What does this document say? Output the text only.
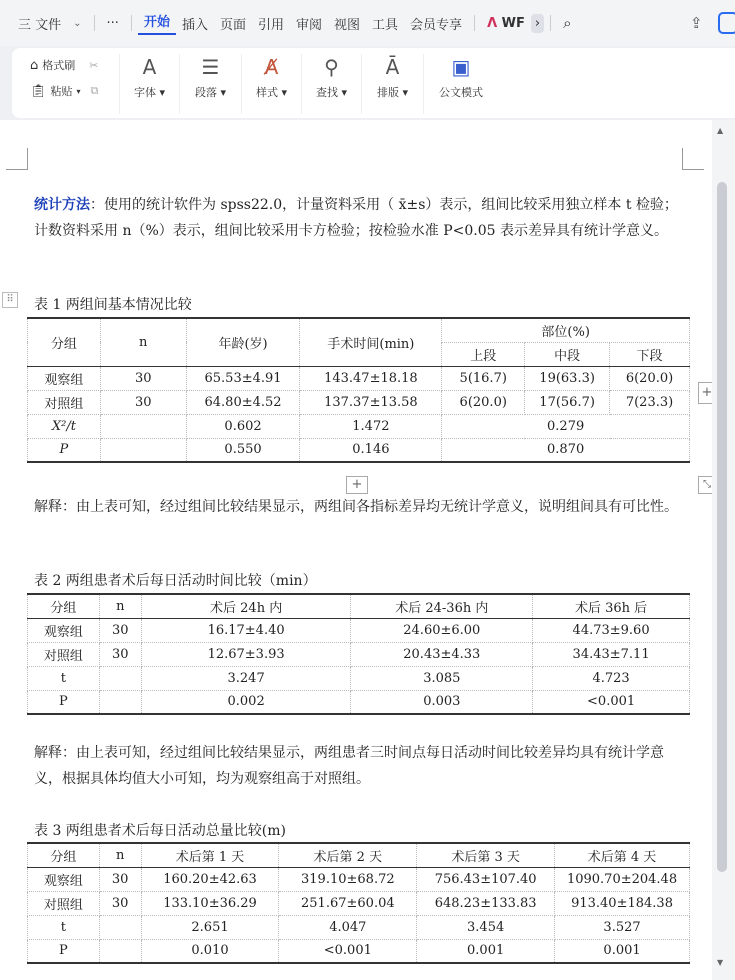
三 文件	⌄	···	开始 插入 页面 引用 审阅 视图 工具 会员专享	Ʌ WF ›	⌕	⇪
⌂ 格式刷 ✂
📋︎ 粘贴 ▾ ⧉
A
字体 ▾
☰
段落 ▾
A̸
样式 ▾
⚲
查找 ▾
Ā
排版 ▾
▣
公文模式
统计方法：使用的统计软件为 spss22.0，计量资料采用（ x̄±s）表示，组间比较采用独立样本 t 检验；计数资料采用 n（%）表示，组间比较采用卡方检验；按检验水准 P<0.05 表示差异具有统计学意义。
⠿	表 1 两组间基本情况比较
分组	n	年龄(岁)	手术时间(min)	部位(%)		
				上段	中段	下段
观察组	30	65.53±4.91	143.47±18.18	5(16.7)	19(63.3)	6(20.0)
对照组	30	64.80±4.52	137.37±13.58	6(20.0)	17(56.7)	7(23.3)
X²/t		0.602	1.472	0.279		
P		0.550	0.146	0.870		
+
+
⤡
解释：由上表可知，经过组间比较结果显示，两组间各指标差异均无统计学意义，说明组间具有可比性。
表 2 两组患者术后每日活动时间比较（min）
分组	n	术后 24h 内	术后 24-36h 内	术后 36h 后
观察组	30	16.17±4.40	24.60±6.00	44.73±9.60
对照组	30	12.67±3.93	20.43±4.33	34.43±7.11
t		3.247	3.085	4.723
P		0.002	0.003	<0.001
解释：由上表可知，经过组间比较结果显示，两组患者三时间点每日活动时间比较差异均具有统计学意义，根据具体均值大小可知，均为观察组高于对照组。
表 3 两组患者术后每日活动总量比较(m)
分组	n	术后第 1 天	术后第 2 天	术后第 3 天	术后第 4 天
观察组	30	160.20±42.63	319.10±68.72	756.43±107.40	1090.70±204.48
对照组	30	133.10±36.29	251.67±60.04	648.23±133.83	913.40±184.38
t		2.651	4.047	3.454	3.527
P		0.010	<0.001	0.001	0.001
▲
▼
